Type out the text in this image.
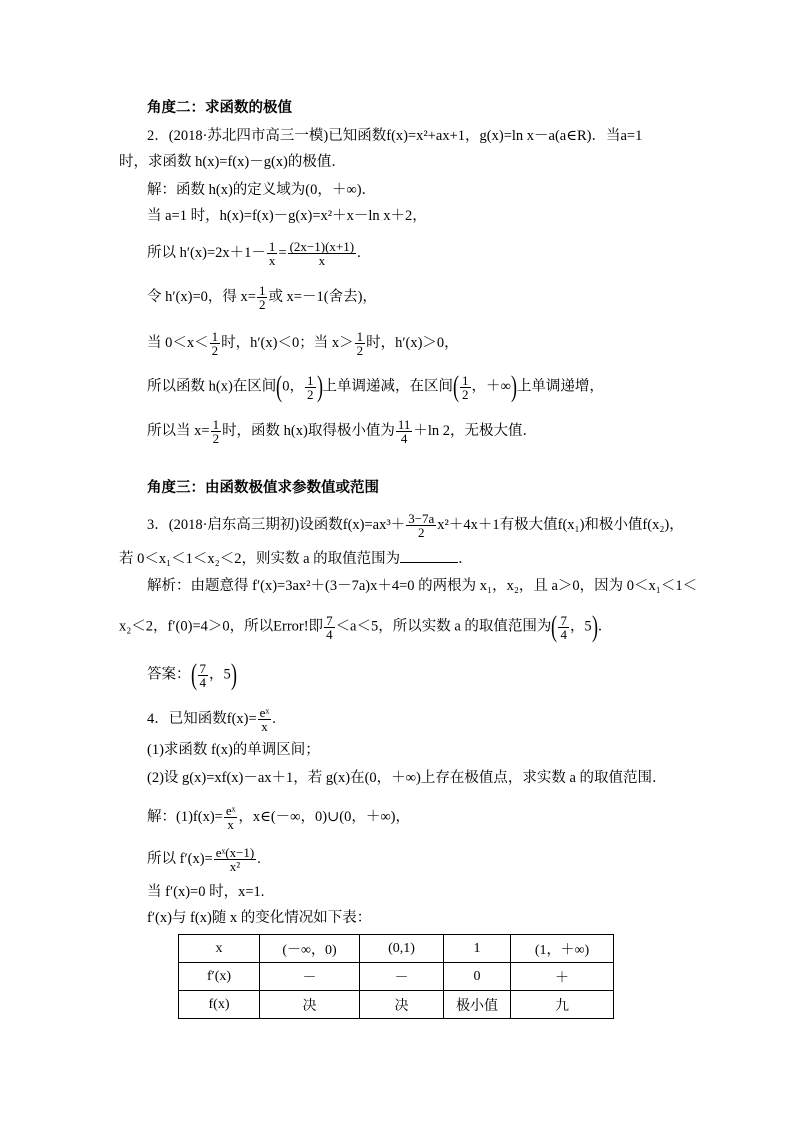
角度二：求函数的极值
2．(2018·苏北四市高三一模)已知函数f(x)=x²+ax+1，g(x)=ln x－a(a∈R)．当a=1
时，求函数 h(x)=f(x)－g(x)的极值．
解：函数 h(x)的定义域为(0，＋∞)．
当 a=1 时，h(x)=f(x)－g(x)=x²＋x－ln x＋2，
所以 $h'(x)=2x+1- \frac{1}{x} = \frac{(2x-1)(x+1)}{x}$ .
令 h′(x)=0，得 $x= \frac{1}{2}$ 或 x=－1(舍去)，
当 $0<x< \frac{1}{2}$ 时，h′(x)＜0；当 $x> \frac{1}{2}$ 时，h′(x)＞0，
所以函数 h(x)在区间(0， $\frac{1}{2}$ )上单调递减，在区间( $\frac{1}{2}$ ，＋∞)上单调递增，
所以当 $x= \frac{1}{2}$ 时，函数 h(x)取得极小值为 $\frac{11}{4} +\ln$ 2，无极大值．
角度三：由函数极值求参数值或范围
3．(2018·启东高三期初)设函数$f(x)=ax^3+ \frac{3-7a}{2} x^2+4x+1$有极大值f(x₁)和极小值f(x₂)，
若 0＜x₁＜1＜x₂＜2，则实数 a 的取值范围为	．
解析：由题意得 f′(x)=3ax²＋(3－7a)x＋4=0 的两根为 x₁，x₂，且 a＞0，因为 0＜x₁＜1＜
x₂＜2，f′(0)=4＞0，所以Error!即 $\frac{7}{4} <a<5$，所以实数 a 的取值范围为( $\frac{7}{4}$ ，5)．
答案：( $\frac{7}{4}$ ，5)
4．已知函数$f(x)= \frac{\text{eˣ}}{x}$ .
(1)求函数 f(x)的单调区间；
(2)设 g(x)=xf(x)－ax＋1，若 g(x)在(0，＋∞)上存在极值点，求实数 a 的取值范围．
解：$(1)f(x)= \frac{\text{eˣ}}{x}$ ，x∈(－∞，0)∪(0，＋∞)，
所以 $f'(x)= \frac{\text{eˣ(x−1)}}{\text{x²}}$ .
当 f′(x)=0 时，x=1.
f′(x)与 f(x)随 x 的变化情况如下表：
x	(－∞，0)	(0,1)	1	(1，＋∞)
f′(x)	－	－	0	＋
f(x)	决	决	极小值	九
